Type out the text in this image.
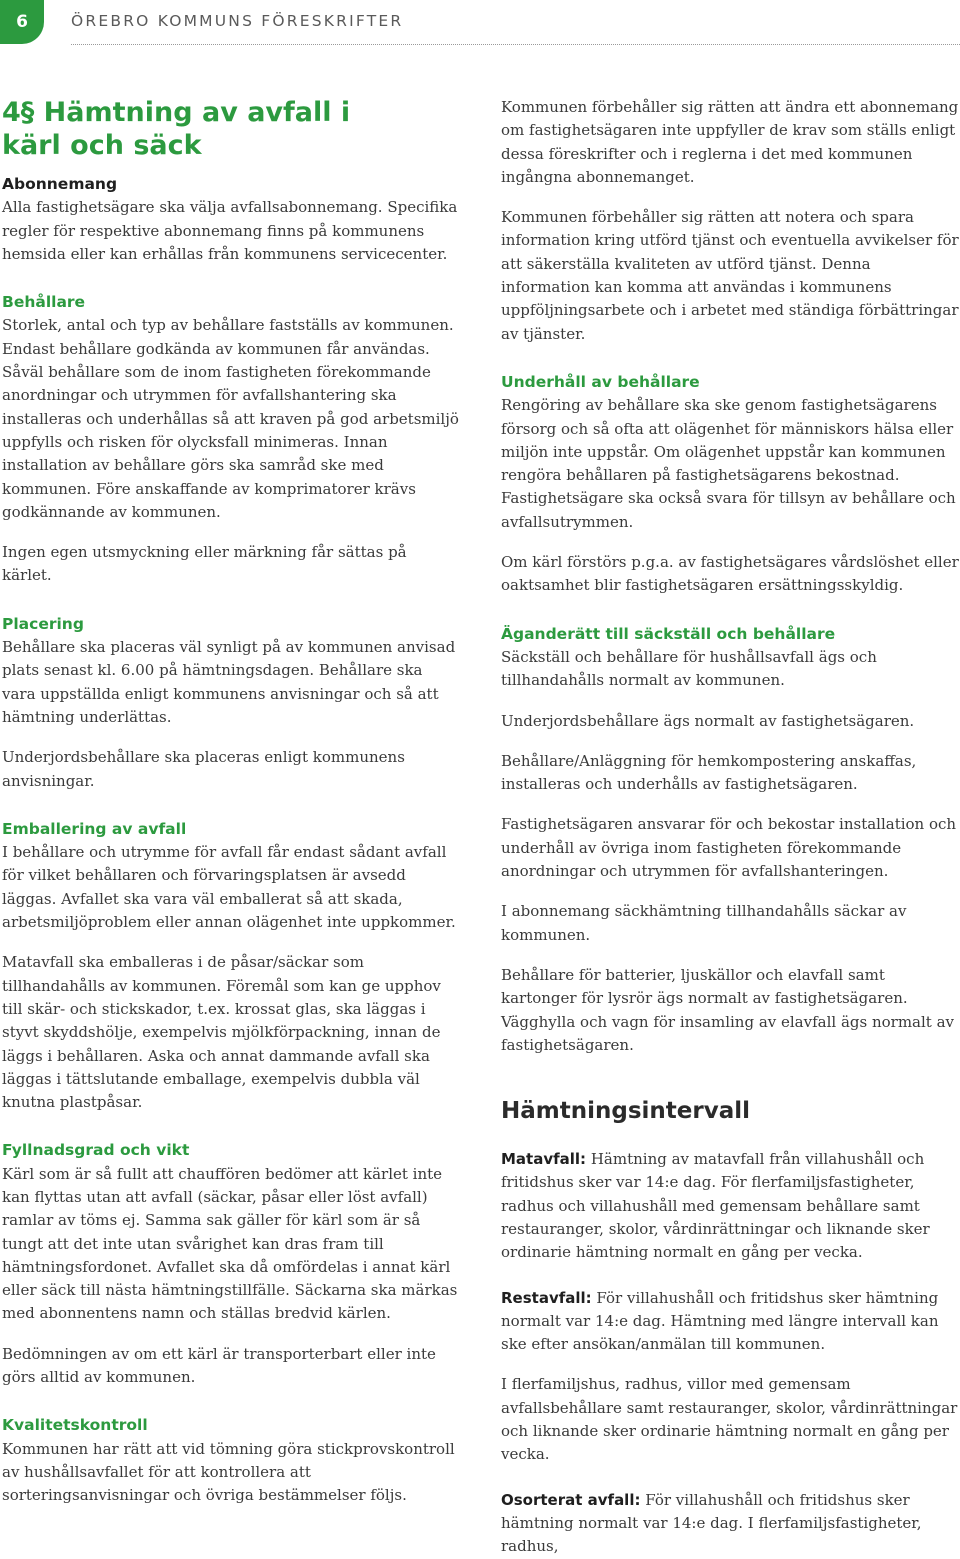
6	ÖREBRO KOMMUNS FÖRESKRIFTER
4§ Hämtning av avfall i
kärl och säck
Abonnemang

Alla fastighetsägare ska välja avfallsabonnemang. Specifika regler för respektive abonnemang finns på kommunens hemsida eller kan erhållas från kommunens servicecenter.

Behållare

Storlek, antal och typ av behållare fastställs av kommunen. Endast behållare godkända av kommunen får användas. Såväl behållare som de inom fastigheten förekommande anordningar och utrymmen för avfallshantering ska installeras och underhållas så att kraven på god arbetsmiljö uppfylls och risken för olycksfall minimeras. Innan installation av behållare görs ska samråd ske med kommunen. Före anskaffande av komprimatorer krävs godkännande av kommunen.

Ingen egen utsmyckning eller märkning får sättas på kärlet.

Placering

Behållare ska placeras väl synligt på av kommunen anvisad plats senast kl. 6.00 på hämtningsdagen. Behållare ska vara uppställda enligt kommunens anvisningar och så att hämtning underlättas.

Underjordsbehållare ska placeras enligt kommunens anvisningar.

Emballering av avfall

I behållare och utrymme för avfall får endast sådant avfall för vilket behållaren och förvaringsplatsen är avsedd läggas. Avfallet ska vara väl emballerat så att skada, arbetsmiljöproblem eller annan olägenhet inte uppkommer.

Matavfall ska emballeras i de påsar/säckar som tillhandahålls av kommunen. Föremål som kan ge upphov till skär- och stickskador, t.ex. krossat glas, ska läggas i styvt skyddshölje, exempelvis mjölkförpackning, innan de läggs i behållaren. Aska och annat dammande avfall ska läggas i tättslutande emballage, exempelvis dubbla väl knutna plastpåsar.

Fyllnadsgrad och vikt

Kärl som är så fullt att chauffören bedömer att kärlet inte kan flyttas utan att avfall (säckar, påsar eller löst avfall) ramlar av töms ej. Samma sak gäller för kärl som är så tungt att det inte utan svårighet kan dras fram till hämtningsfordonet. Avfallet ska då omfördelas i annat kärl eller säck till nästa hämtningstillfälle. Säckarna ska märkas med abonnentens namn och ställas bredvid kärlen.

Bedömningen av om ett kärl är transporterbart eller inte görs alltid av kommunen.

Kvalitetskontroll

Kommunen har rätt att vid tömning göra stickprovskontroll av hushållsavfallet för att kontrollera att sorteringsanvisningar och övriga bestämmelser följs.

Kommunen förbehåller sig rätten att ändra ett abonnemang om fastighetsägaren inte uppfyller de krav som ställs enligt dessa föreskrifter och i reglerna i det med kommunen ingångna abonnemanget.

Kommunen förbehåller sig rätten att notera och spara information kring utförd tjänst och eventuella avvikelser för att säkerställa kvaliteten av utförd tjänst. Denna information kan komma att användas i kommunens uppföljningsarbete och i arbetet med ständiga förbättringar av tjänster.

Underhåll av behållare

Rengöring av behållare ska ske genom fastighetsägarens försorg och så ofta att olägenhet för människors hälsa eller miljön inte uppstår. Om olägenhet uppstår kan kommunen rengöra behållaren på fastighetsägarens bekostnad. Fastighetsägare ska också svara för tillsyn av behållare och avfallsutrymmen.

Om kärl förstörs p.g.a. av fastighetsägares vårdslöshet eller oaktsamhet blir fastighetsägaren ersättningsskyldig.

Äganderätt till säckställ och behållare

Säckställ och behållare för hushållsavfall ägs och tillhandahålls normalt av kommunen.

Underjordsbehållare ägs normalt av fastighetsägaren.

Behållare/Anläggning för hemkompostering anskaffas, installeras och underhålls av fastighetsägaren.

Fastighetsägaren ansvarar för och bekostar installation och underhåll av övriga inom fastigheten förekommande anordningar och utrymmen för avfallshanteringen.

I abonnemang säckhämtning tillhandahålls säckar av kommunen.

Behållare för batterier, ljuskällor och elavfall samt kartonger för lysrör ägs normalt av fastighetsägaren. Vägghylla och vagn för insamling av elavfall ägs normalt av fastighetsägaren.

Hämtningsintervall

Matavfall: Hämtning av matavfall från villahushåll och fritidshus sker var 14:e dag. För flerfamiljsfastigheter, radhus och villahushåll med gemensam behållare samt restauranger, skolor, vårdinrättningar och liknande sker ordinarie hämtning normalt en gång per vecka.

Restavfall: För villahushåll och fritidshus sker hämtning normalt var 14:e dag. Hämtning med längre intervall kan ske efter ansökan/anmälan till kommunen.

I flerfamiljshus, radhus, villor med gemensam avfallsbehållare samt restauranger, skolor, vårdinrättningar och liknande sker ordinarie hämtning normalt en gång per vecka.

Osorterat avfall: För villahushåll och fritidshus sker hämtning normalt var 14:e dag. I flerfamiljsfastigheter, radhus,
